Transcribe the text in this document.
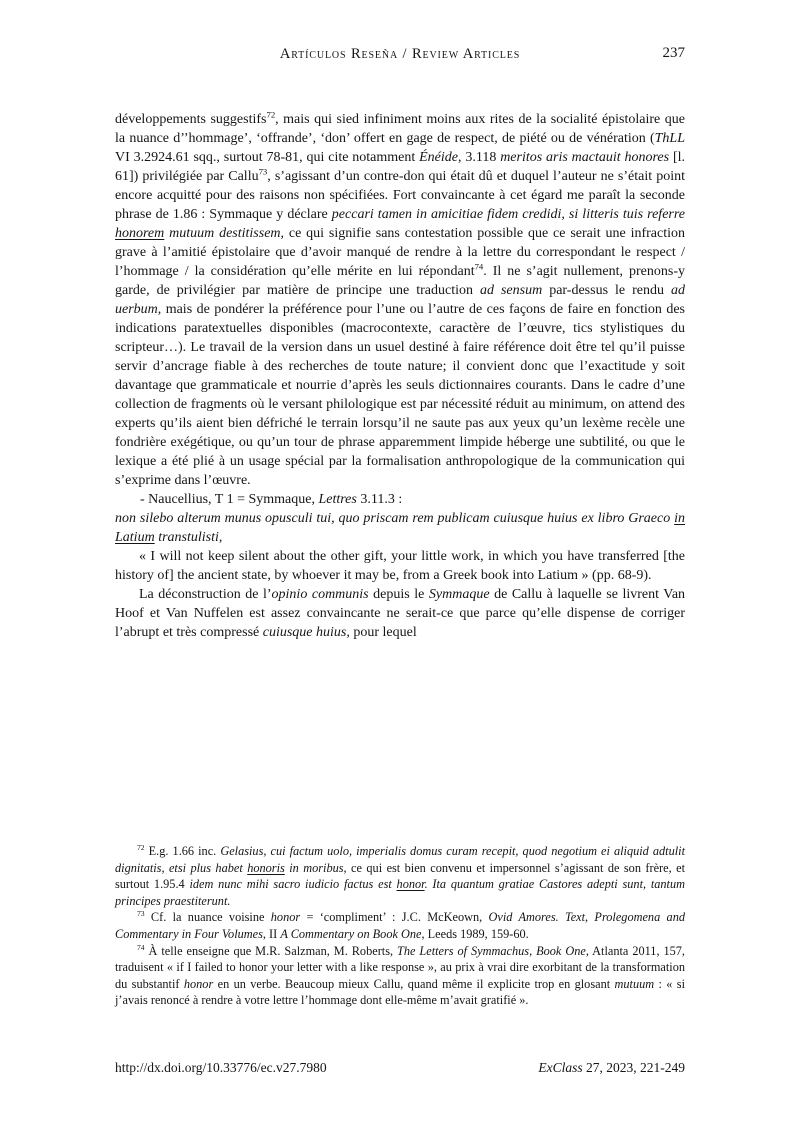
Artículos Reseña / Review Articles	237

développements suggestifs$^{72}$, mais qui sied infiniment moins aux rites de la socialité épistolaire que la nuance d’’hommage’, ‘offrande’, ‘don’ offert en gage de respect, de piété ou de vénération (ThLL VI 3.2924.61 sqq., surtout 78-81, qui cite notamment Énéide, 3.118 meritos aris mactauit honores [l. 61]) privilégiée par Callu$^{73}$, s’agissant d’un contre-don qui était dû et duquel l’auteur ne s’était point encore acquitté pour des raisons non spécifiées. Fort convaincante à cet égard me paraît la seconde phrase de 1.86 : Symmaque y déclare peccari tamen in amicitiae fidem credidi, si litteris tuis referre honorem mutuum destitissem, ce qui signifie sans contestation possible que ce serait une infraction grave à l’amitié épistolaire que d’avoir manqué de rendre à la lettre du correspondant le respect / l’hommage / la considération qu’elle mérite en lui répondant$^{74}$. Il ne s’agit nullement, prenons-y garde, de privilégier par matière de principe une traduction ad sensum par-dessus le rendu ad uerbum, mais de pondérer la préférence pour l’une ou l’autre de ces façons de faire en fonction des indications paratextuelles disponibles (macrocontexte, caractère de l’œuvre, tics stylistiques du scripteur…). Le travail de la version dans un usuel destiné à faire référence doit être tel qu’il puisse servir d’ancrage fiable à des recherches de toute nature; il convient donc que l’exactitude y soit davantage que grammaticale et nourrie d’après les seuls dictionnaires courants. Dans le cadre d’une collection de fragments où le versant philologique est par nécessité réduit au minimum, on attend des experts qu’ils aient bien défriché le terrain lorsqu’il ne saute pas aux yeux qu’un lexème recèle une fondrière exégétique, ou qu’un tour de phrase apparemment limpide héberge une subtilité, ou que le lexique a été plié à un usage spécial par la formalisation anthropologique de la communication qui s’exprime dans l’œuvre.

- Naucellius, T 1 = Symmaque, Lettres 3.11.3 :

non silebo alterum munus opusculi tui, quo priscam rem publicam cuiusque huius ex libro Graeco in Latium transtulisti,

« I will not keep silent about the other gift, your little work, in which you have transferred [the history of] the ancient state, by whoever it may be, from a Greek book into Latium » (pp. 68-9).

La déconstruction de l’opinio communis depuis le Symmaque de Callu à laquelle se livrent Van Hoof et Van Nuffelen est assez convaincante ne serait-ce que parce qu’elle dispense de corriger l’abrupt et très compressé cuiusque huius, pour lequel

$^{72}$ E.g. 1.66 inc. Gelasius, cui factum uolo, imperialis domus curam recepit, quod negotium ei aliquid adtulit dignitatis, etsi plus habet honoris in moribus, ce qui est bien convenu et impersonnel s’agissant de son frère, et surtout 1.95.4 idem nunc mihi sacro iudicio factus est honor. Ita quantum gratiae Castores adepti sunt, tantum principes praestiterunt.

$^{73}$ Cf. la nuance voisine honor = ‘compliment’ : J.C. McKeown, Ovid Amores. Text, Prolegomena and Commentary in Four Volumes, II A Commentary on Book One, Leeds 1989, 159-60.

$^{74}$ À telle enseigne que M.R. Salzman, M. Roberts, The Letters of Symmachus, Book One, Atlanta 2011, 157, traduisent « if I failed to honor your letter with a like response », au prix à vrai dire exorbitant de la transformation du substantif honor en un verbe. Beaucoup mieux Callu, quand même il explicite trop en glosant mutuum : « si j’avais renoncé à rendre à votre lettre l’hommage dont elle-même m’avait gratifié ».

http://dx.doi.org/10.33776/ec.v27.7980	ExClass 27, 2023, 221-249
